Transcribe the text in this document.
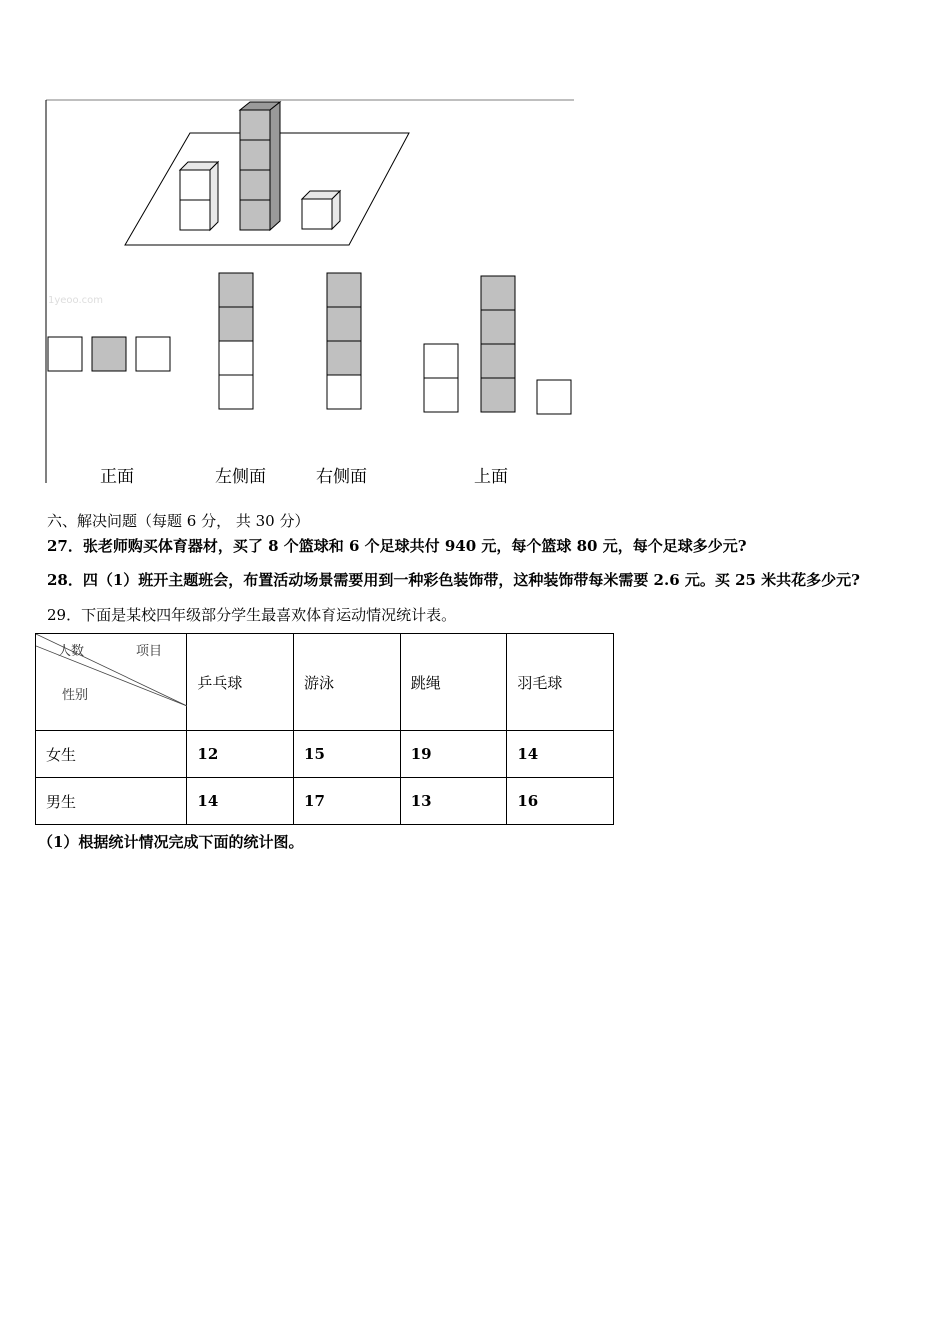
1yeoo.com
正面	左侧面	右侧面	上面
六、解决问题（每题 6 分， 共 30 分）
27．张老师购买体育器材，买了 8 个篮球和 6 个足球共付 940 元，每个篮球 80 元，每个足球多少元?
28．四（1）班开主题班会，布置活动场景需要用到一种彩色装饰带，这种装饰带每米需要 2.6 元。买 25 米共花多少元?
29．下面是某校四年级部分学生最喜欢体育运动情况统计表。
人数 项目
性别	乒乓球	游泳	跳绳	羽毛球
女生	12	15	19	14
男生	14	17	13	16
（1）根据统计情况完成下面的统计图。
